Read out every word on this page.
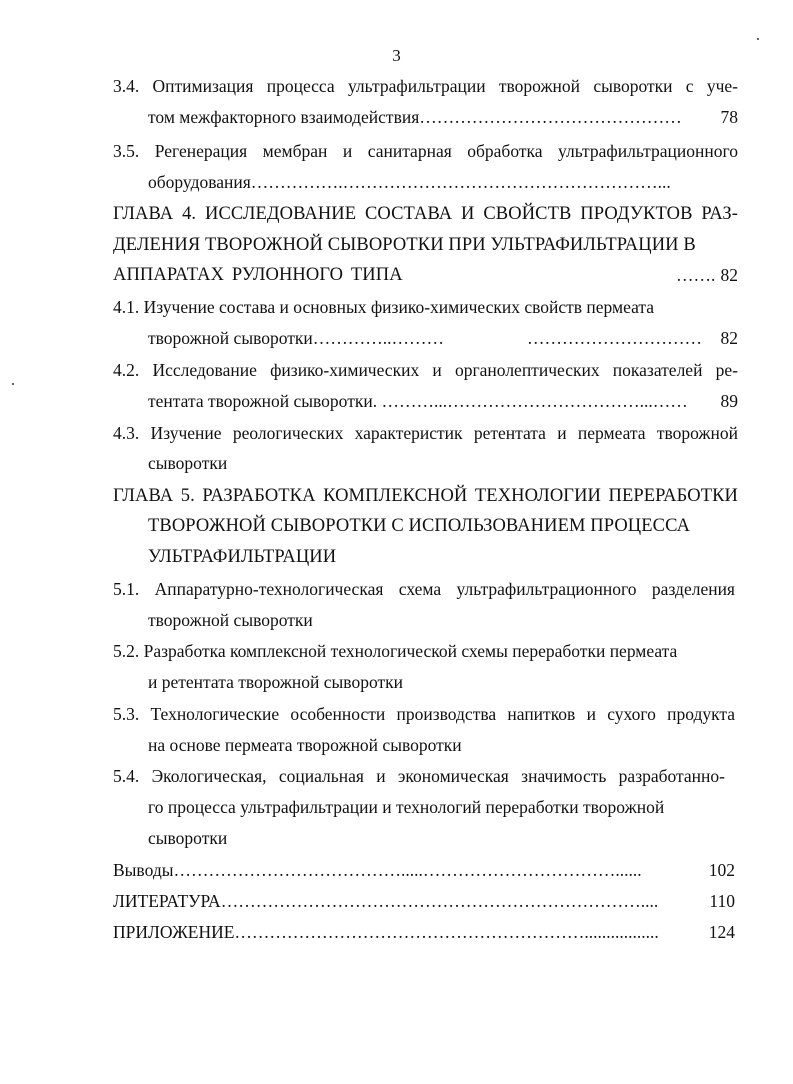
3
3.4. Оптимизация процесса ультрафильтрации творожной сыворотки с уче-
том межфакторного взаимодействия………………………………………	78
3.5. Регенерация мембран и санитарная обработка ультрафильтрационного
оборудования…………….………………………………………………...
ГЛАВА 4. ИССЛЕДОВАНИЕ СОСТАВА И СВОЙСТВ ПРОДУКТОВ РАЗ-
ДЕЛЕНИЯ ТВОРОЖНОЙ СЫВОРОТКИ ПРИ УЛЬТРАФИЛЬТРАЦИИ В
АППАРАТАХ РУЛОННОГО ТИПА	……. 82
4.1. Изучение состава и основных физико-химических свойств пермеата
творожной сыворотки…………..………	…………………………	82
4.2. Исследование физико-химических и органолептических показателей ре-
тентата творожной сыворотки. ………...……………………………...……	89
4.3. Изучение реологических характеристик ретентата и пермеата творожной
сыворотки
ГЛАВА 5. РАЗРАБОТКА КОМПЛЕКСНОЙ ТЕХНОЛОГИИ ПЕРЕРАБОТКИ
ТВОРОЖНОЙ СЫВОРОТКИ С ИСПОЛЬЗОВАНИЕМ ПРОЦЕССА
УЛЬТРАФИЛЬТРАЦИИ
5.1. Аппаратурно-технологическая схема ультрафильтрационного разделения
творожной сыворотки
5.2. Разработка комплексной технологической схемы переработки пермеата
и ретентата творожной сыворотки
5.3. Технологические особенности производства напитков и сухого продукта
на основе пермеата творожной сыворотки
5.4. Экологическая, социальная и экономическая значимость разработанно-
го процесса ультрафильтрации и технологий переработки творожной
сыворотки
Выводы………………………………….....……………………………......	102
ЛИТЕРАТУРА………………………………………………………………....	110
ПРИЛОЖЕНИЕ…………………………………………………….................	124
